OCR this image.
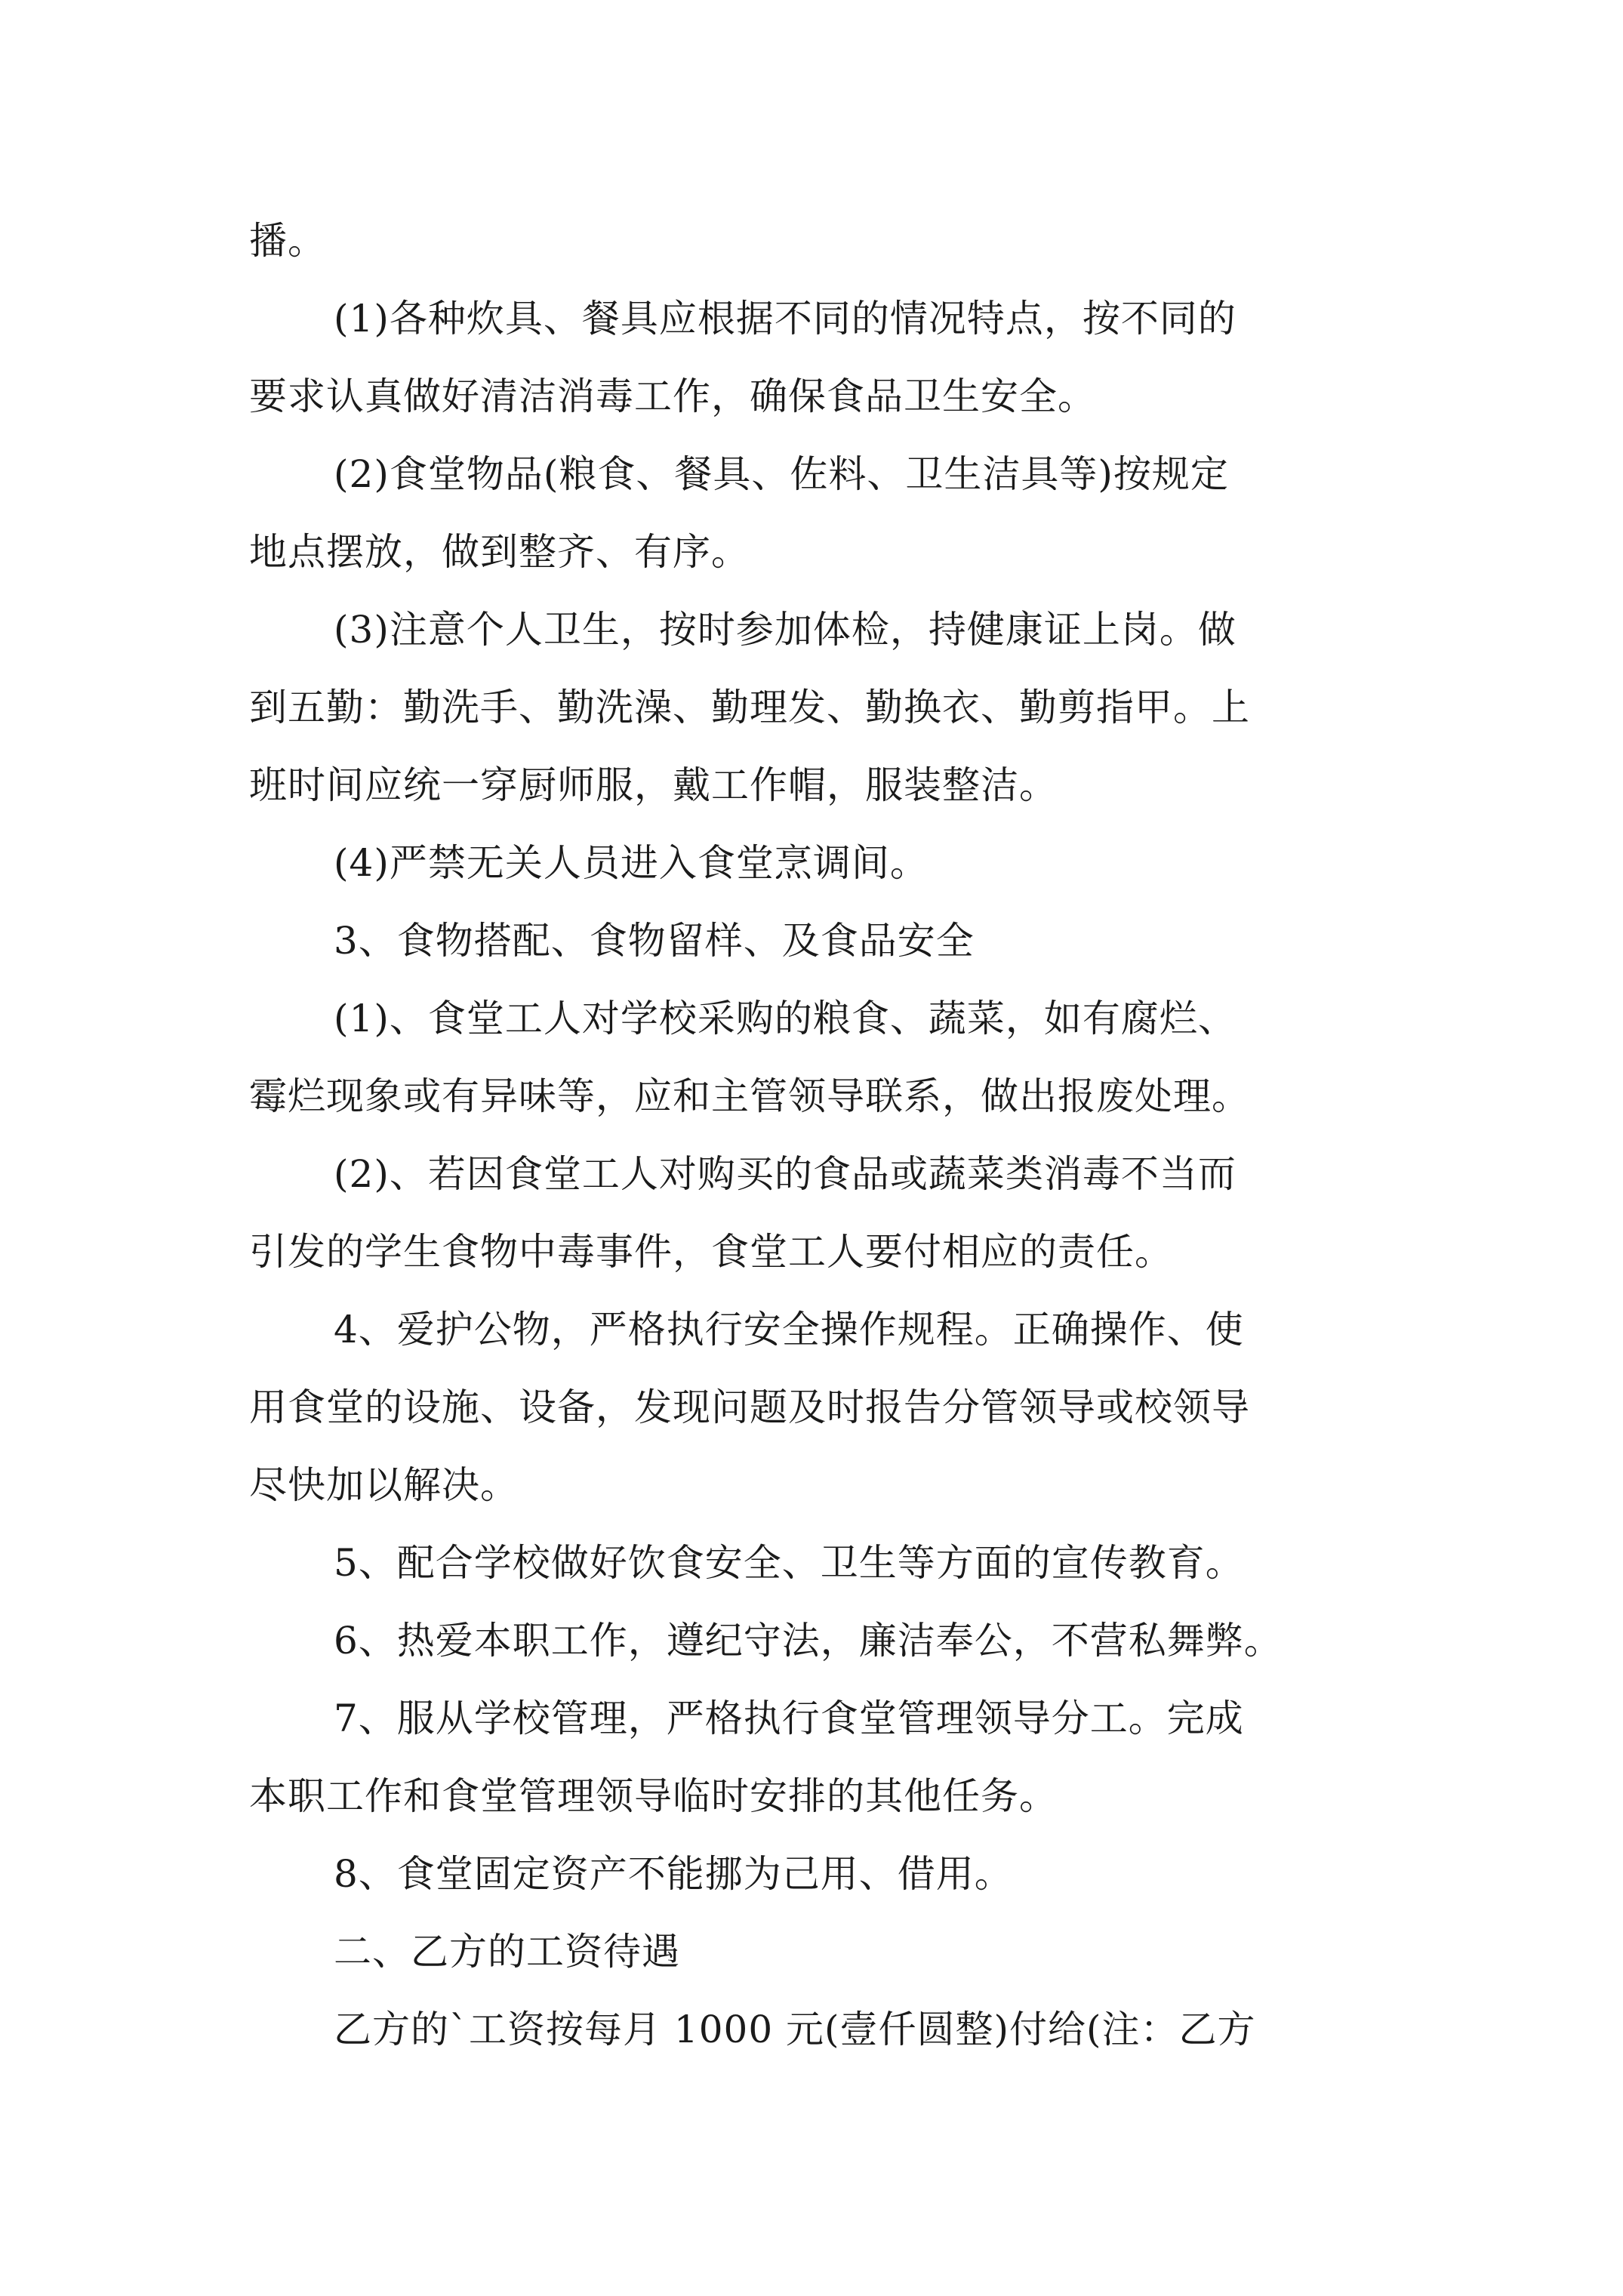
播。
(1)各种炊具、餐具应根据不同的情况特点，按不同的
要求认真做好清洁消毒工作，确保食品卫生安全。
(2)食堂物品(粮食、餐具、佐料、卫生洁具等)按规定
地点摆放，做到整齐、有序。
(3)注意个人卫生，按时参加体检，持健康证上岗。做
到五勤：勤洗手、勤洗澡、勤理发、勤换衣、勤剪指甲。上
班时间应统一穿厨师服，戴工作帽，服装整洁。
(4)严禁无关人员进入食堂烹调间。
3、食物搭配、食物留样、及食品安全
(1)、食堂工人对学校采购的粮食、蔬菜，如有腐烂、
霉烂现象或有异味等，应和主管领导联系，做出报废处理。
(2)、若因食堂工人对购买的食品或蔬菜类消毒不当而
引发的学生食物中毒事件，食堂工人要付相应的责任。
4、爱护公物，严格执行安全操作规程。正确操作、使
用食堂的设施、设备，发现问题及时报告分管领导或校领导
尽快加以解决。
5、配合学校做好饮食安全、卫生等方面的宣传教育。
6、热爱本职工作，遵纪守法，廉洁奉公，不营私舞弊。
7、服从学校管理，严格执行食堂管理领导分工。完成
本职工作和食堂管理领导临时安排的其他任务。
8、食堂固定资产不能挪为己用、借用。
二、乙方的工资待遇
乙方的`工资按每月 1000 元(壹仟圆整)付给(注：乙方
